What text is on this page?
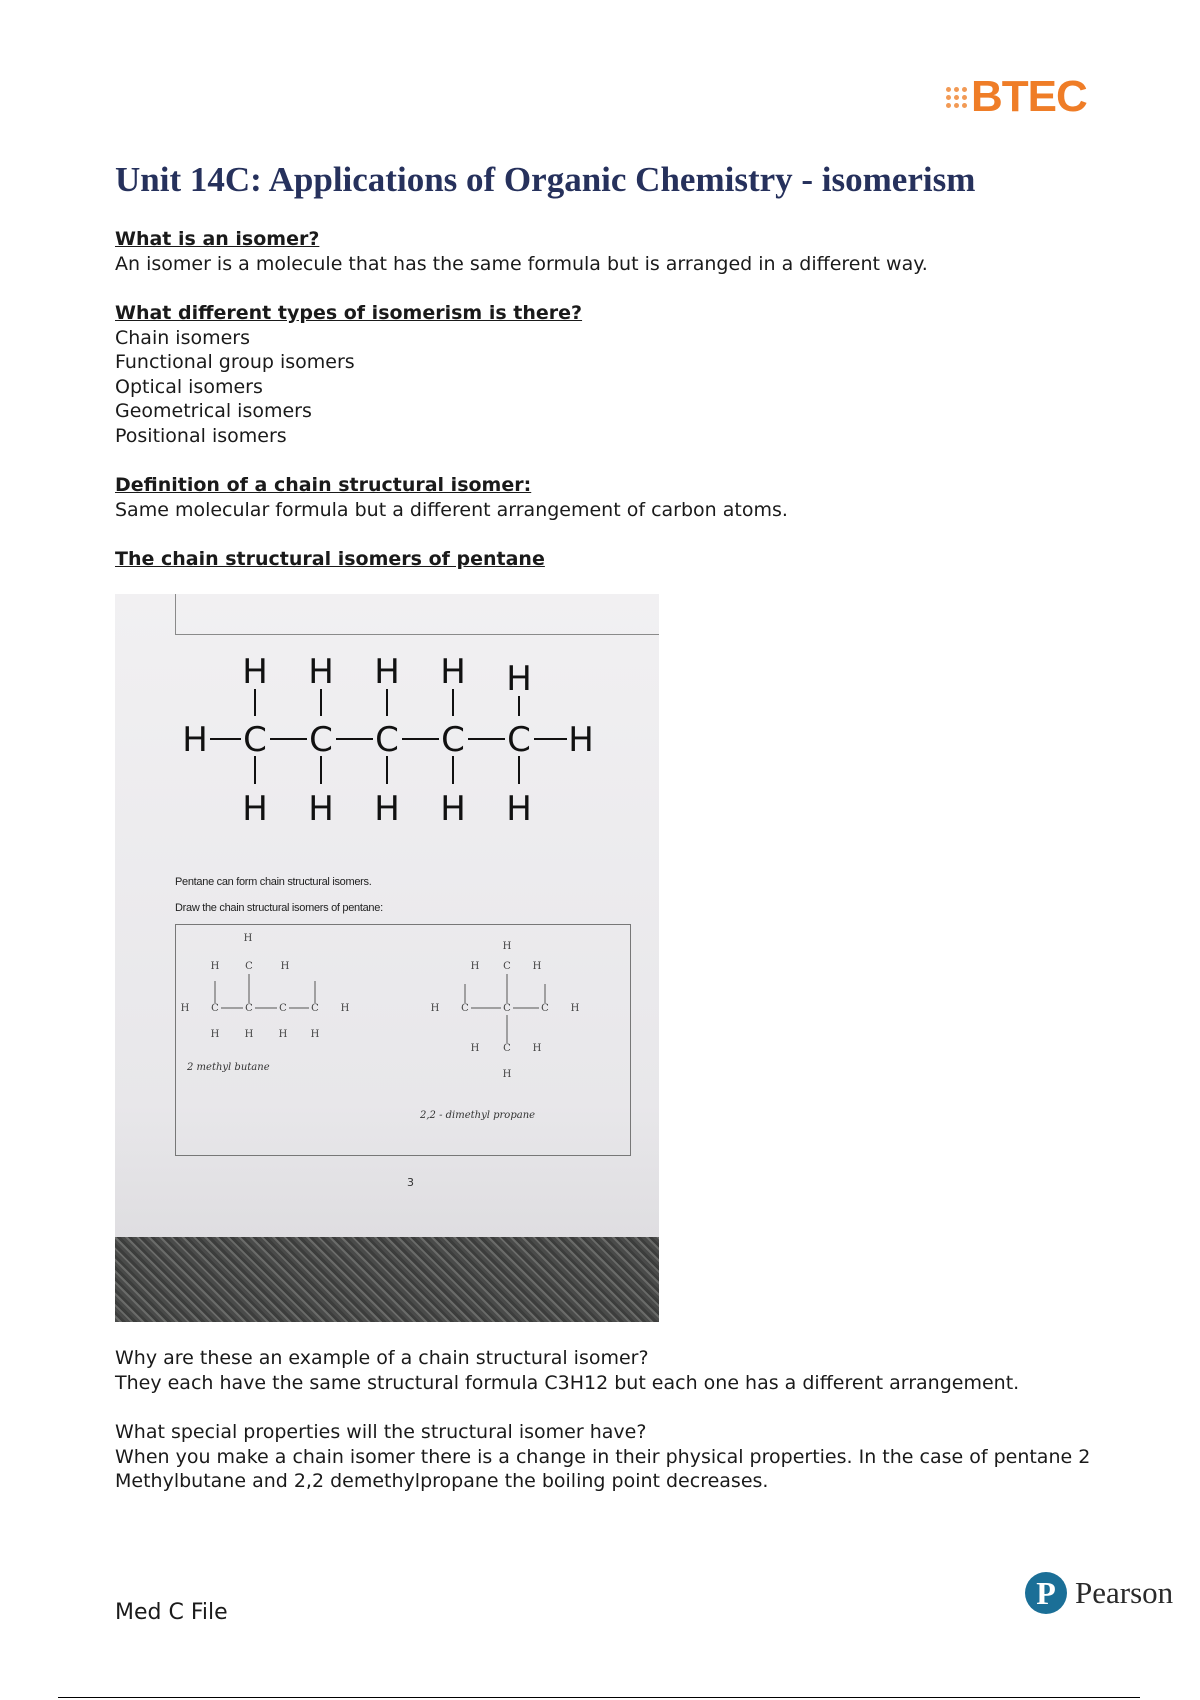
BTEC
Unit 14C: Applications of Organic Chemistry - isomerism

What is an isomer?

An isomer is a molecule that has the same formula but is arranged in a different way.

What different types of isomerism is there?

Chain isomers

Functional group isomers

Optical isomers

Geometrical isomers

Positional isomers

Definition of a chain structural isomer:

Same molecular formula but a different arrangement of carbon atoms.

The chain structural isomers of pentane

H H H H H
H C C C C C H
H H H H H
Pentane can form chain structural isomers.
Draw the chain structural isomers of pentane:
H
H	C	H
H C	C	C C H
H	H	H H
H
H C H
H C	C	C H
H C H
H
2 methyl butane
2,2 - dimethyl propane
3

Why are these an example of a chain structural isomer?

They each have the same structural formula C3H12 but each one has a different arrangement.

What special properties will the structural isomer have?

When you make a chain isomer there is a change in their physical properties. In the case of pentane 2 Methylbutane and 2,2 demethylpropane the boiling point decreases.

Med C File
P Pearson
